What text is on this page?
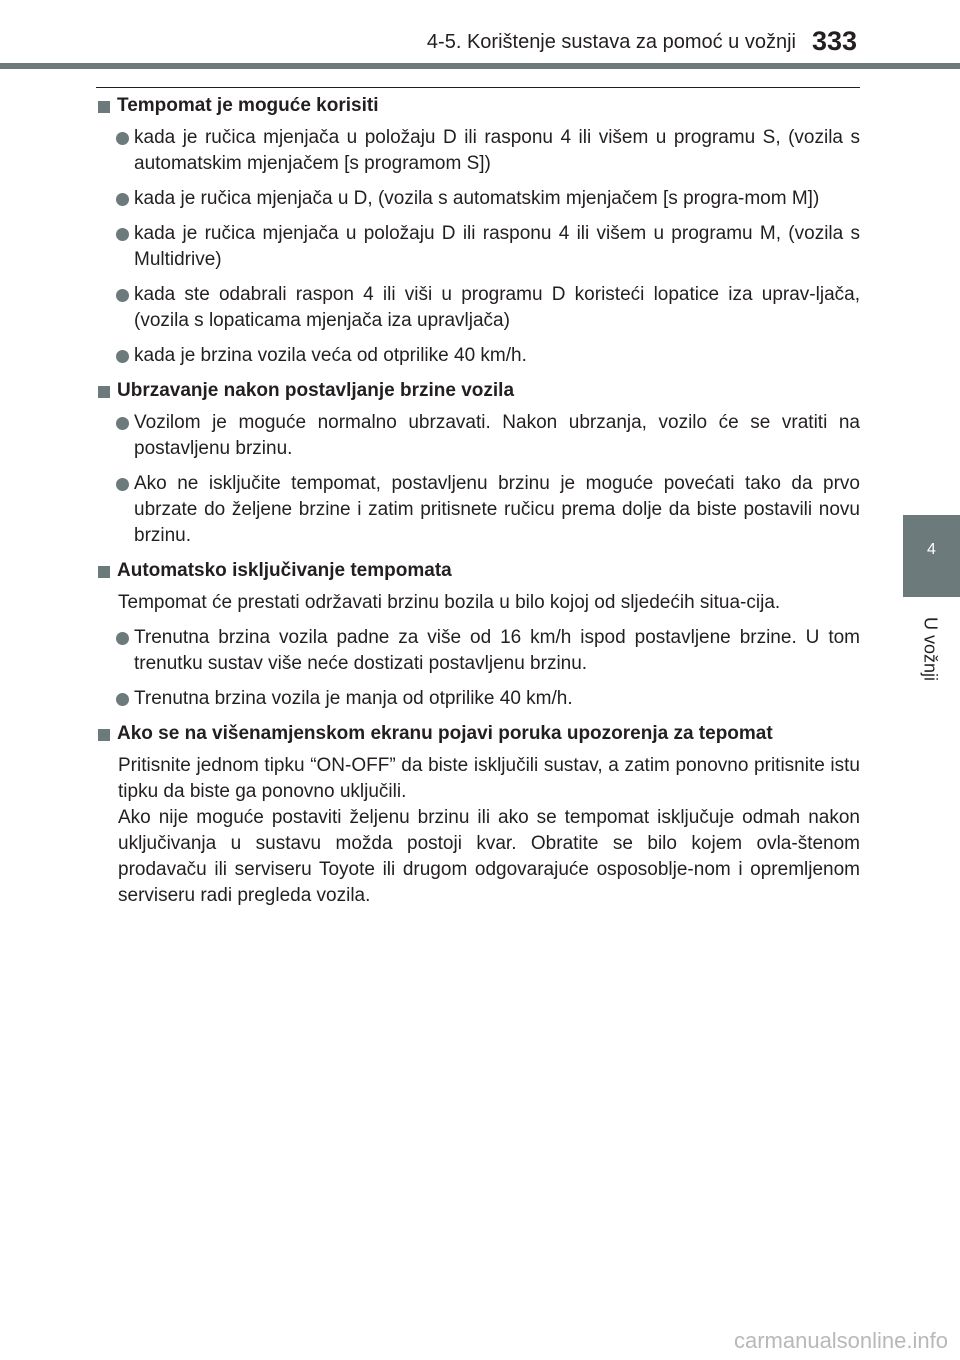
4-5. Korištenje sustava za pomoć u vožnji 333
4
U vožnji
Tempomat je moguće korisiti
kada je ručica mjenjača u položaju D ili rasponu 4 ili višem u programu S, (vozila s automatskim mjenjačem [s programom S])
kada je ručica mjenjača u D, (vozila s automatskim mjenjačem [s progra-mom M])
kada je ručica mjenjača u položaju D ili rasponu 4 ili višem u programu M, (vozila s Multidrive)
kada ste odabrali raspon 4 ili viši u programu D koristeći lopatice iza uprav-ljača, (vozila s lopaticama mjenjača iza upravljača)
kada je brzina vozila veća od otprilike 40 km/h.
Ubrzavanje nakon postavljanje brzine vozila
Vozilom je moguće normalno ubrzavati. Nakon ubrzanja, vozilo će se vratiti na postavljenu brzinu.
Ako ne isključite tempomat, postavljenu brzinu je moguće povećati tako da prvo ubrzate do željene brzine i zatim pritisnete ručicu prema dolje da biste postavili novu brzinu.
Automatsko isključivanje tempomata
Tempomat će prestati održavati brzinu bozila u bilo kojoj od sljedećih situa-cija.
Trenutna brzina vozila padne za više od 16 km/h ispod postavljene brzine. U tom trenutku sustav više neće dostizati postavljenu brzinu.
Trenutna brzina vozila je manja od otprilike 40 km/h.
Ako se na višenamjenskom ekranu pojavi poruka upozorenja za tepomat
Pritisnite jednom tipku “ON-OFF” da biste isključili sustav, a zatim ponovno pritisnite istu tipku da biste ga ponovno uključili.
Ako nije moguće postaviti željenu brzinu ili ako se tempomat isključuje odmah nakon uključivanja u sustavu možda postoji kvar. Obratite se bilo kojem ovla-štenom prodavaču ili serviseru Toyote ili drugom odgovarajuće osposoblje-nom i opremljenom serviseru radi pregleda vozila.
carmanualsonline.info
